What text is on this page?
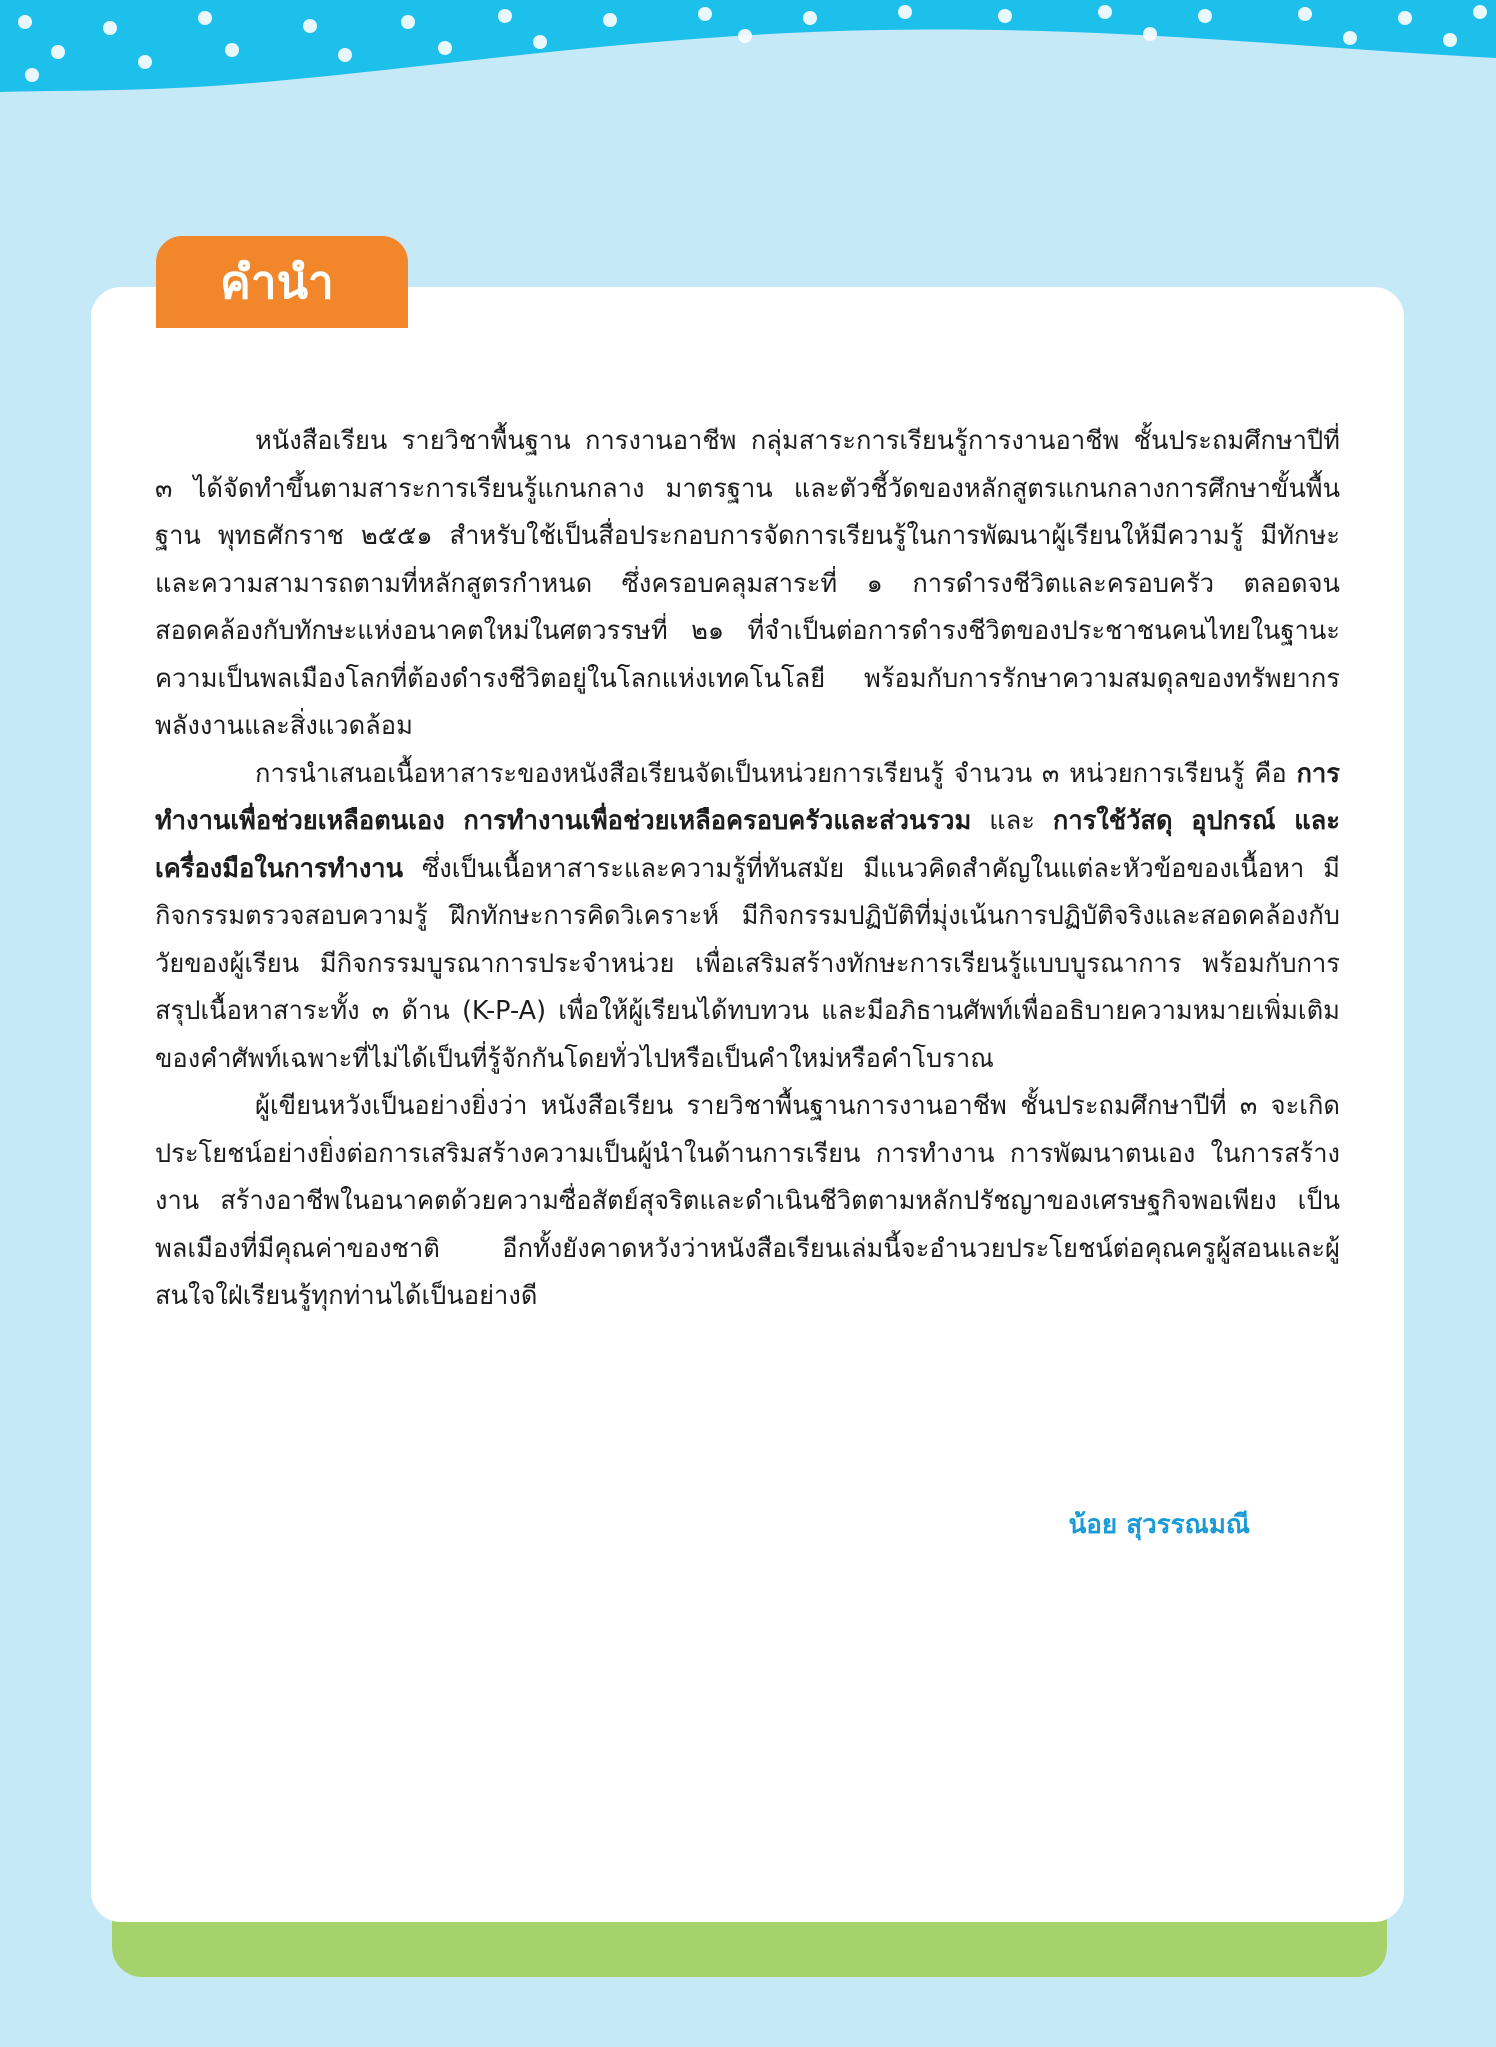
คำนำ

หนังสือเรียน รายวิชาพื้นฐาน การงานอาชีพ กลุ่มสาระการเรียนรู้การงานอาชีพ ชั้นประถมศึกษาปีที่ ๓ ได้จัดทำขึ้นตามสาระการเรียนรู้แกนกลาง มาตรฐาน และตัวชี้วัดของหลักสูตรแกนกลางการศึกษาขั้นพื้นฐาน พุทธศักราช ๒๕๕๑ สำหรับใช้เป็นสื่อประกอบการจัดการเรียนรู้ในการพัฒนาผู้เรียนให้มีความรู้ มีทักษะและความสามารถตามที่หลักสูตรกำหนด ซึ่งครอบคลุมสาระที่ ๑ การดำรงชีวิตและครอบครัว ตลอดจนสอดคล้องกับทักษะแห่งอนาคตใหม่ในศตวรรษที่ ๒๑ ที่จำเป็นต่อการดำรงชีวิตของประชาชนคนไทยในฐานะความเป็นพลเมืองโลกที่ต้องดำรงชีวิตอยู่ในโลกแห่งเทคโนโลยี พร้อมกับการรักษาความสมดุลของทรัพยากร พลังงานและสิ่งแวดล้อม

การนำเสนอเนื้อหาสาระของหนังสือเรียนจัดเป็นหน่วยการเรียนรู้ จำนวน ๓ หน่วยการเรียนรู้ คือ การทำงานเพื่อช่วยเหลือตนเอง การทำงานเพื่อช่วยเหลือครอบครัวและส่วนรวม และ การใช้วัสดุ อุปกรณ์ และเครื่องมือในการทำงาน ซึ่งเป็นเนื้อหาสาระและความรู้ที่ทันสมัย มีแนวคิดสำคัญในแต่ละหัวข้อของเนื้อหา มีกิจกรรมตรวจสอบความรู้ ฝึกทักษะการคิดวิเคราะห์ มีกิจกรรมปฏิบัติที่มุ่งเน้นการปฏิบัติจริงและสอดคล้องกับวัยของผู้เรียน มีกิจกรรมบูรณาการประจำหน่วย เพื่อเสริมสร้างทักษะการเรียนรู้แบบบูรณาการ พร้อมกับการสรุปเนื้อหาสาระทั้ง ๓ ด้าน (K-P-A) เพื่อให้ผู้เรียนได้ทบทวน และมีอภิธานศัพท์เพื่ออธิบายความหมายเพิ่มเติมของคำศัพท์เฉพาะที่ไม่ได้เป็นที่รู้จักกันโดยทั่วไปหรือเป็นคำใหม่หรือคำโบราณ

ผู้เขียนหวังเป็นอย่างยิ่งว่า หนังสือเรียน รายวิชาพื้นฐานการงานอาชีพ ชั้นประถมศึกษาปีที่ ๓ จะเกิดประโยชน์อย่างยิ่งต่อการเสริมสร้างความเป็นผู้นำในด้านการเรียน การทำงาน การพัฒนาตนเอง ในการสร้างงาน สร้างอาชีพในอนาคตด้วยความซื่อสัตย์สุจริตและดำเนินชีวิตตามหลักปรัชญาของเศรษฐกิจพอเพียง เป็นพลเมืองที่มีคุณค่าของชาติ อีกทั้งยังคาดหวังว่าหนังสือเรียนเล่มนี้จะอำนวยประโยชน์ต่อคุณครูผู้สอนและผู้สนใจใฝ่เรียนรู้ทุกท่านได้เป็นอย่างดี

น้อย สุวรรณมณี
